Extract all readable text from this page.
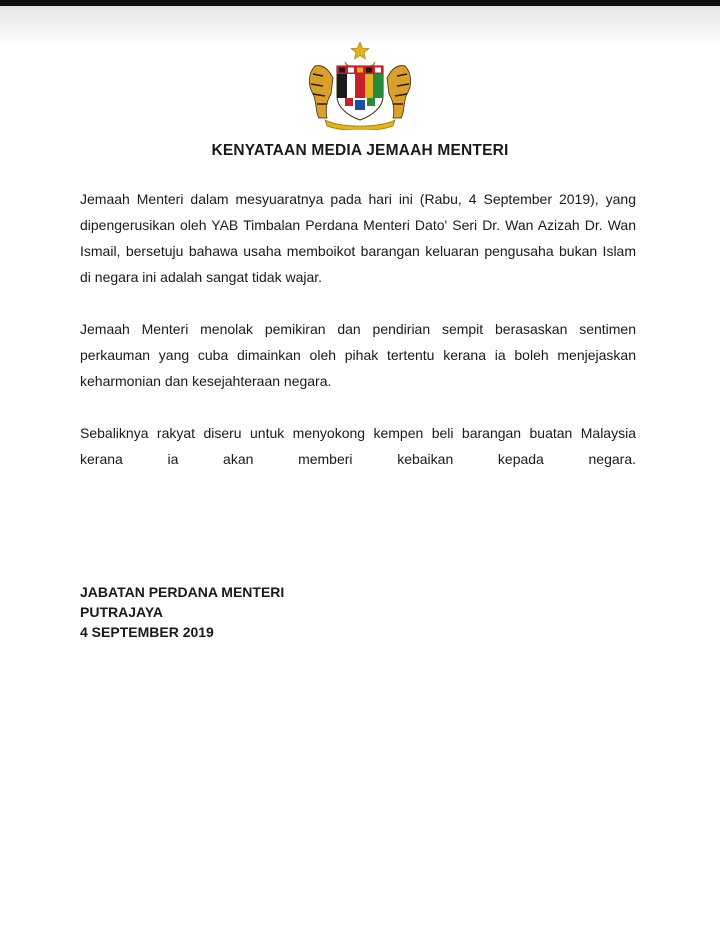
KENYATAAN MEDIA JEMAAH MENTERI

Jemaah Menteri dalam mesyuaratnya pada hari ini (Rabu, 4 September 2019), yang dipengerusikan oleh YAB Timbalan Perdana Menteri Dato' Seri Dr. Wan Azizah Dr. Wan Ismail, bersetuju bahawa usaha memboikot barangan keluaran pengusaha bukan Islam di negara ini adalah sangat tidak wajar.

Jemaah Menteri menolak pemikiran dan pendirian sempit berasaskan sentimen perkauman yang cuba dimainkan oleh pihak tertentu kerana ia boleh menjejaskan keharmonian dan kesejahteraan negara.

Sebaliknya rakyat diseru untuk menyokong kempen beli barangan buatan Malaysia kerana ia akan memberi kebaikan kepada negara.

JABATAN PERDANA MENTERI
PUTRAJAYA
4 SEPTEMBER 2019
